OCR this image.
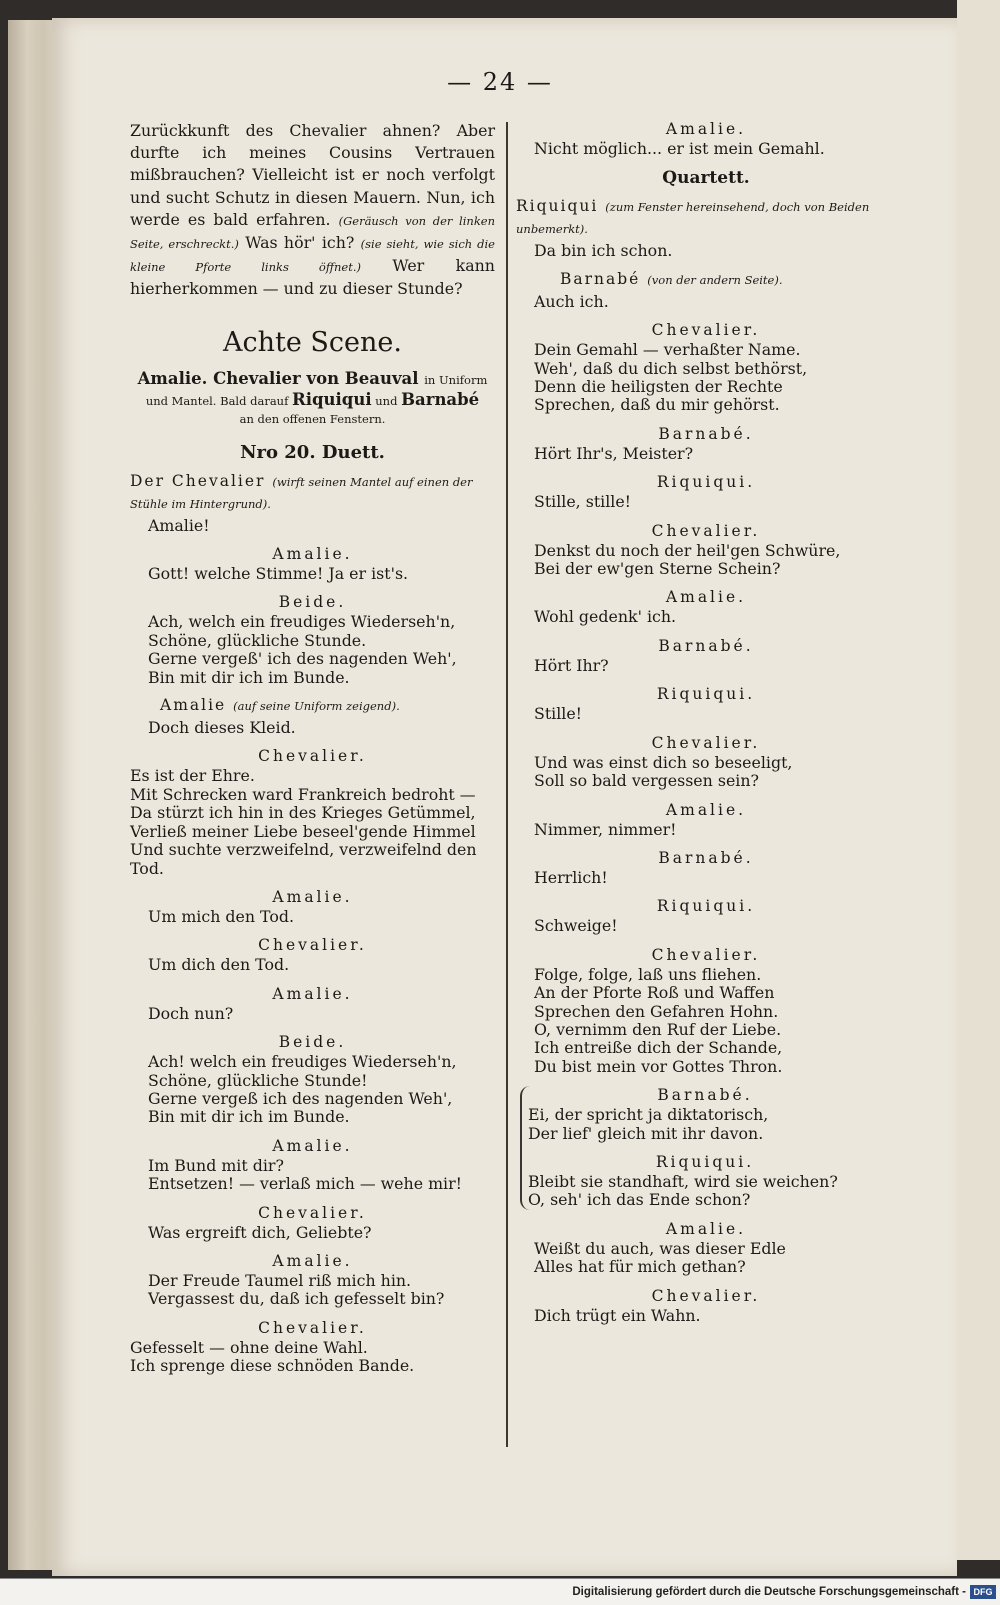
— 24 —

Zurückkunft des Chevalier ahnen? Aber durfte ich meines Cousins Vertrauen mißbrauchen? Vielleicht ist er noch verfolgt und sucht Schutz in diesen Mauern. Nun, ich werde es bald erfahren. (Geräusch von der linken Seite, erschreckt.) Was hör' ich? (sie sieht, wie sich die kleine Pforte links öffnet.) Wer kann hierherkommen — und zu dieser Stunde?

Achte Scene.

Amalie. Chevalier von Beauval in Uniform

und Mantel. Bald darauf Riquiqui und Barnabé
an den offenen Fenstern.

Nro 20. Duett.
Der Chevalier (wirft seinen Mantel auf einen der Stühle im Hintergrund).

Amalie!

Amalie.

Gott! welche Stimme! Ja er ist's.

Beide.

Ach, welch ein freudiges Wiederseh'n,

Schöne, glückliche Stunde.

Gerne vergeß' ich des nagenden Weh',

Bin mit dir ich im Bunde.

Amalie (auf seine Uniform zeigend).

Doch dieses Kleid.

Chevalier.

Es ist der Ehre.

Mit Schrecken ward Frankreich bedroht —

Da stürzt ich hin in des Krieges Getümmel,

Verließ meiner Liebe beseel'gende Himmel

Und suchte verzweifelnd, verzweifelnd den Tod.

Amalie.

Um mich den Tod.

Chevalier.

Um dich den Tod.

Amalie.

Doch nun?

Beide.

Ach! welch ein freudiges Wiederseh'n,

Schöne, glückliche Stunde!

Gerne vergeß ich des nagenden Weh',

Bin mit dir ich im Bunde.

Amalie.

Im Bund mit dir?

Entsetzen! — verlaß mich — wehe mir!

Chevalier.

Was ergreift dich, Geliebte?

Amalie.

Der Freude Taumel riß mich hin.

Vergassest du, daß ich gefesselt bin?

Chevalier.

Gefesselt — ohne deine Wahl.

Ich sprenge diese schnöden Bande.

Amalie.

Nicht möglich... er ist mein Gemahl.

Quartett.
Riquiqui (zum Fenster hereinsehend, doch von Beiden unbemerkt).

Da bin ich schon.

Barnabé (von der andern Seite).

Auch ich.

Chevalier.

Dein Gemahl — verhaßter Name.

Weh', daß du dich selbst bethörst,

Denn die heiligsten der Rechte

Sprechen, daß du mir gehörst.

Barnabé.

Hört Ihr's, Meister?

Riquiqui.

Stille, stille!

Chevalier.

Denkst du noch der heil'gen Schwüre,

Bei der ew'gen Sterne Schein?

Amalie.

Wohl gedenk' ich.

Barnabé.

Hört Ihr?

Riquiqui.

Stille!

Chevalier.

Und was einst dich so beseeligt,

Soll so bald vergessen sein?

Amalie.

Nimmer, nimmer!

Barnabé.

Herrlich!

Riquiqui.

Schweige!

Chevalier.

Folge, folge, laß uns fliehen.

An der Pforte Roß und Waffen

Sprechen den Gefahren Hohn.

O, vernimm den Ruf der Liebe.

Ich entreiße dich der Schande,

Du bist mein vor Gottes Thron.

Barnabé.

Ei, der spricht ja diktatorisch,

Der lief' gleich mit ihr davon.

Riquiqui.

Bleibt sie standhaft, wird sie weichen?

O, seh' ich das Ende schon?

Amalie.

Weißt du auch, was dieser Edle

Alles hat für mich gethan?

Chevalier.

Dich trügt ein Wahn.

Digitalisierung gefördert durch die Deutsche Forschungsgemeinschaft - DFG
